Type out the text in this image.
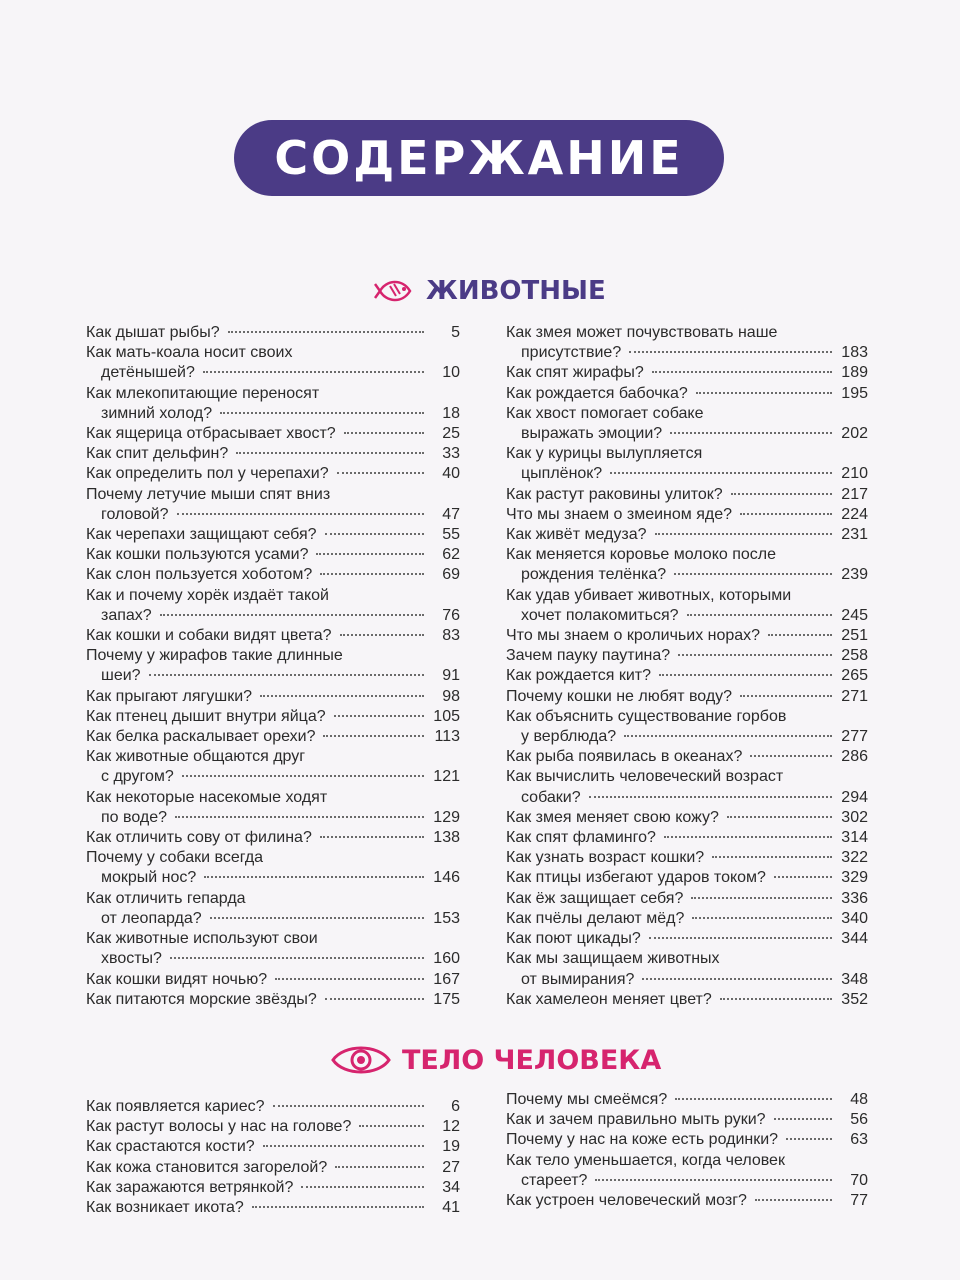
СОДЕРЖАНИЕ
ЖИВОТНЫЕ
Как дышат рыбы?	5
Как мать-коала носит своих
детёнышей?	10
Как млекопитающие переносят
зимний холод?	18
Как ящерица отбрасывает хвост?	25
Как спит дельфин?	33
Как определить пол у черепахи?	40
Почему летучие мыши спят вниз
головой?	47
Как черепахи защищают себя?	55
Как кошки пользуются усами?	62
Как слон пользуется хоботом?	69
Как и почему хорёк издаёт такой
запах?	76
Как кошки и собаки видят цвета?	83
Почему у жирафов такие длинные
шеи?	91
Как прыгают лягушки?	98
Как птенец дышит внутри яйца?	105
Как белка раскалывает орехи?	113
Как животные общаются друг
с другом?	121
Как некоторые насекомые ходят
по воде?	129
Как отличить сову от филина?	138
Почему у собаки всегда
мокрый нос?	146
Как отличить гепарда
от леопарда?	153
Как животные используют свои
хвосты?	160
Как кошки видят ночью?	167
Как питаются морские звёзды?	175
Как змея может почувствовать наше
присутствие?	183
Как спят жирафы?	189
Как рождается бабочка?	195
Как хвост помогает собаке
выражать эмоции?	202
Как у курицы вылупляется
цыплёнок?	210
Как растут раковины улиток?	217
Что мы знаем о змеином яде?	224
Как живёт медуза?	231
Как меняется коровье молоко после
рождения телёнка?	239
Как удав убивает животных, которыми
хочет полакомиться?	245
Что мы знаем о кроличьих норах?	251
Зачем пауку паутина?	258
Как рождается кит?	265
Почему кошки не любят воду?	271
Как объяснить существование горбов
у верблюда?	277
Как рыба появилась в океанах?	286
Как вычислить человеческий возраст
собаки?	294
Как змея меняет свою кожу?	302
Как спят фламинго?	314
Как узнать возраст кошки?	322
Как птицы избегают ударов током?	329
Как ёж защищает себя?	336
Как пчёлы делают мёд?	340
Как поют цикады?	344
Как мы защищаем животных
от вымирания?	348
Как хамелеон меняет цвет?	352
ТЕЛО ЧЕЛОВЕКА
Как появляется кариес?	6
Как растут волосы у нас на голове?	12
Как срастаются кости?	19
Как кожа становится загорелой?	27
Как заражаются ветрянкой?	34
Как возникает икота?	41
Почему мы смеёмся?	48
Как и зачем правильно мыть руки?	56
Почему у нас на коже есть родинки?	63
Как тело уменьшается, когда человек
стареет?	70
Как устроен человеческий мозг?	77
